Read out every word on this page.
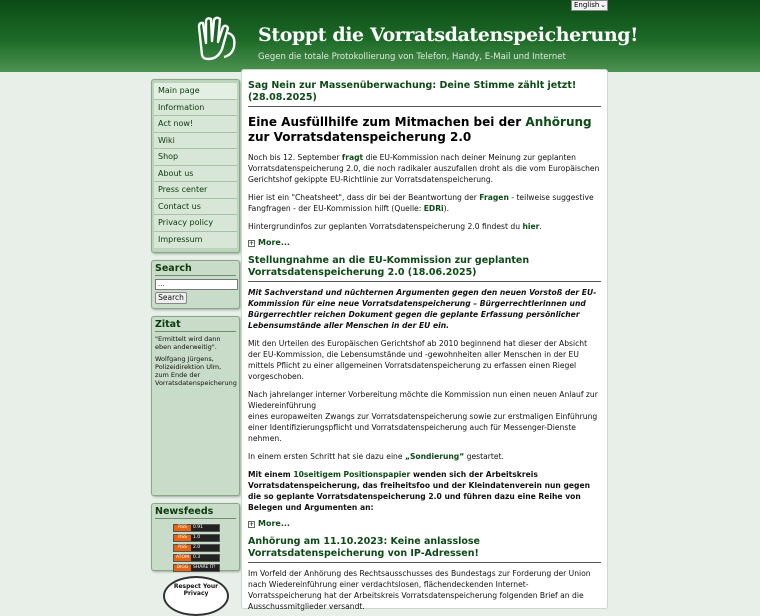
Stoppt die Vorratsdatenspeicherung!
Gegen die totale Protokollierung von Telefon, Handy, E-Mail und Internet
English ⌄
Main page
Information
Act now!
Wiki
Shop
About us
Press center
Contact us
Privacy policy
Impressum
Search
...
Search
Zitat
"Ermittelt wird dann eben anderweitig".
Wolfgang Jürgens, Polizeidirektion Ulm, zum Ende der Vorratsdatenspeicherung
Newsfeeds
RSS 0.91
RSS 1.0
RSS 2.0
ATOM 0.3
DIGG SHARE IT!
Respect Your Privacy
Sag Nein zur Massenüberwachung: Deine Stimme zählt jetzt! (28.08.2025)
Eine Ausfüllhilfe zum Mitmachen bei der Anhörung zur Vorratsdatenspeicherung 2.0

Noch bis 12. September fragt die EU-Kommission nach deiner Meinung zur geplanten Vorratsdatenspeicherung 2.0, die noch radikaler auszufallen droht als die vom Europäischen Gerichtshof gekippte EU-Richtlinie zur Vorratsdatenspeicherung.

Hier ist ein "Cheatsheet", dass dir bei der Beantwortung der Fragen - teilweise suggestive Fangfragen - der EU-Kommission hilft (Quelle: EDRi).

Hintergrundinfos zur geplanten Vorratsdatenspeicherung 2.0 findest du hier.

+ More...
Stellungnahme an die EU-Kommission zur geplanten Vorratsdatenspeicherung 2.0 (18.06.2025)

Mit Sachverstand und nüchternen Argumenten gegen den neuen Vorstoß der EU-Kommission für eine neue Vorratsdatenspeicherung – Bürgerrechtlerinnen und Bürgerrechtler reichen Dokument gegen die geplante Erfassung persönlicher Lebensumstände aller Menschen in der EU ein.

Mit den Urteilen des Europäischen Gerichtshof ab 2010 beginnend hat dieser der Absicht der EU-Kommission, die Lebensumstände und -gewohnheiten aller Menschen in der EU mittels Pflicht zu einer allgemeinen Vorratsdatenspeicherung zu erfassen einen Riegel vorgeschoben.

Nach jahrelanger interner Vorbereitung möchte die Kommission nun einen neuen Anlauf zur Wiedereinführung
eines europaweiten Zwangs zur Vorratsdatenspeicherung sowie zur erstmaligen Einführung einer Identifizierungspflicht und Vorratsdatenspeicherung auch für Messenger-Dienste nehmen.

In einem ersten Schritt hat sie dazu eine „Sondierung“ gestartet.

Mit einem 10seitigem Positionspapier wenden sich der Arbeitskreis Vorratsdatenspeicherung, das freiheitsfoo und der Kleindatenverein nun gegen die so geplante Vorratsdatenspeicherung 2.0 und führen dazu eine Reihe von Belegen und Argumenten an:

+ More...
Anhörung am 11.10.2023: Keine anlasslose Vorratsdatenspeicherung von IP-Adressen!

Im Vorfeld der Anhörung des Rechtsausschusses des Bundestags zur Forderung der Union nach Wiedereinführung einer verdachtslosen, flächendeckenden Internet-Vorratsspeicherung hat der Arbeitskreis Vorratsdatenspeicherung folgenden Brief an die Ausschussmitglieder versandt.
